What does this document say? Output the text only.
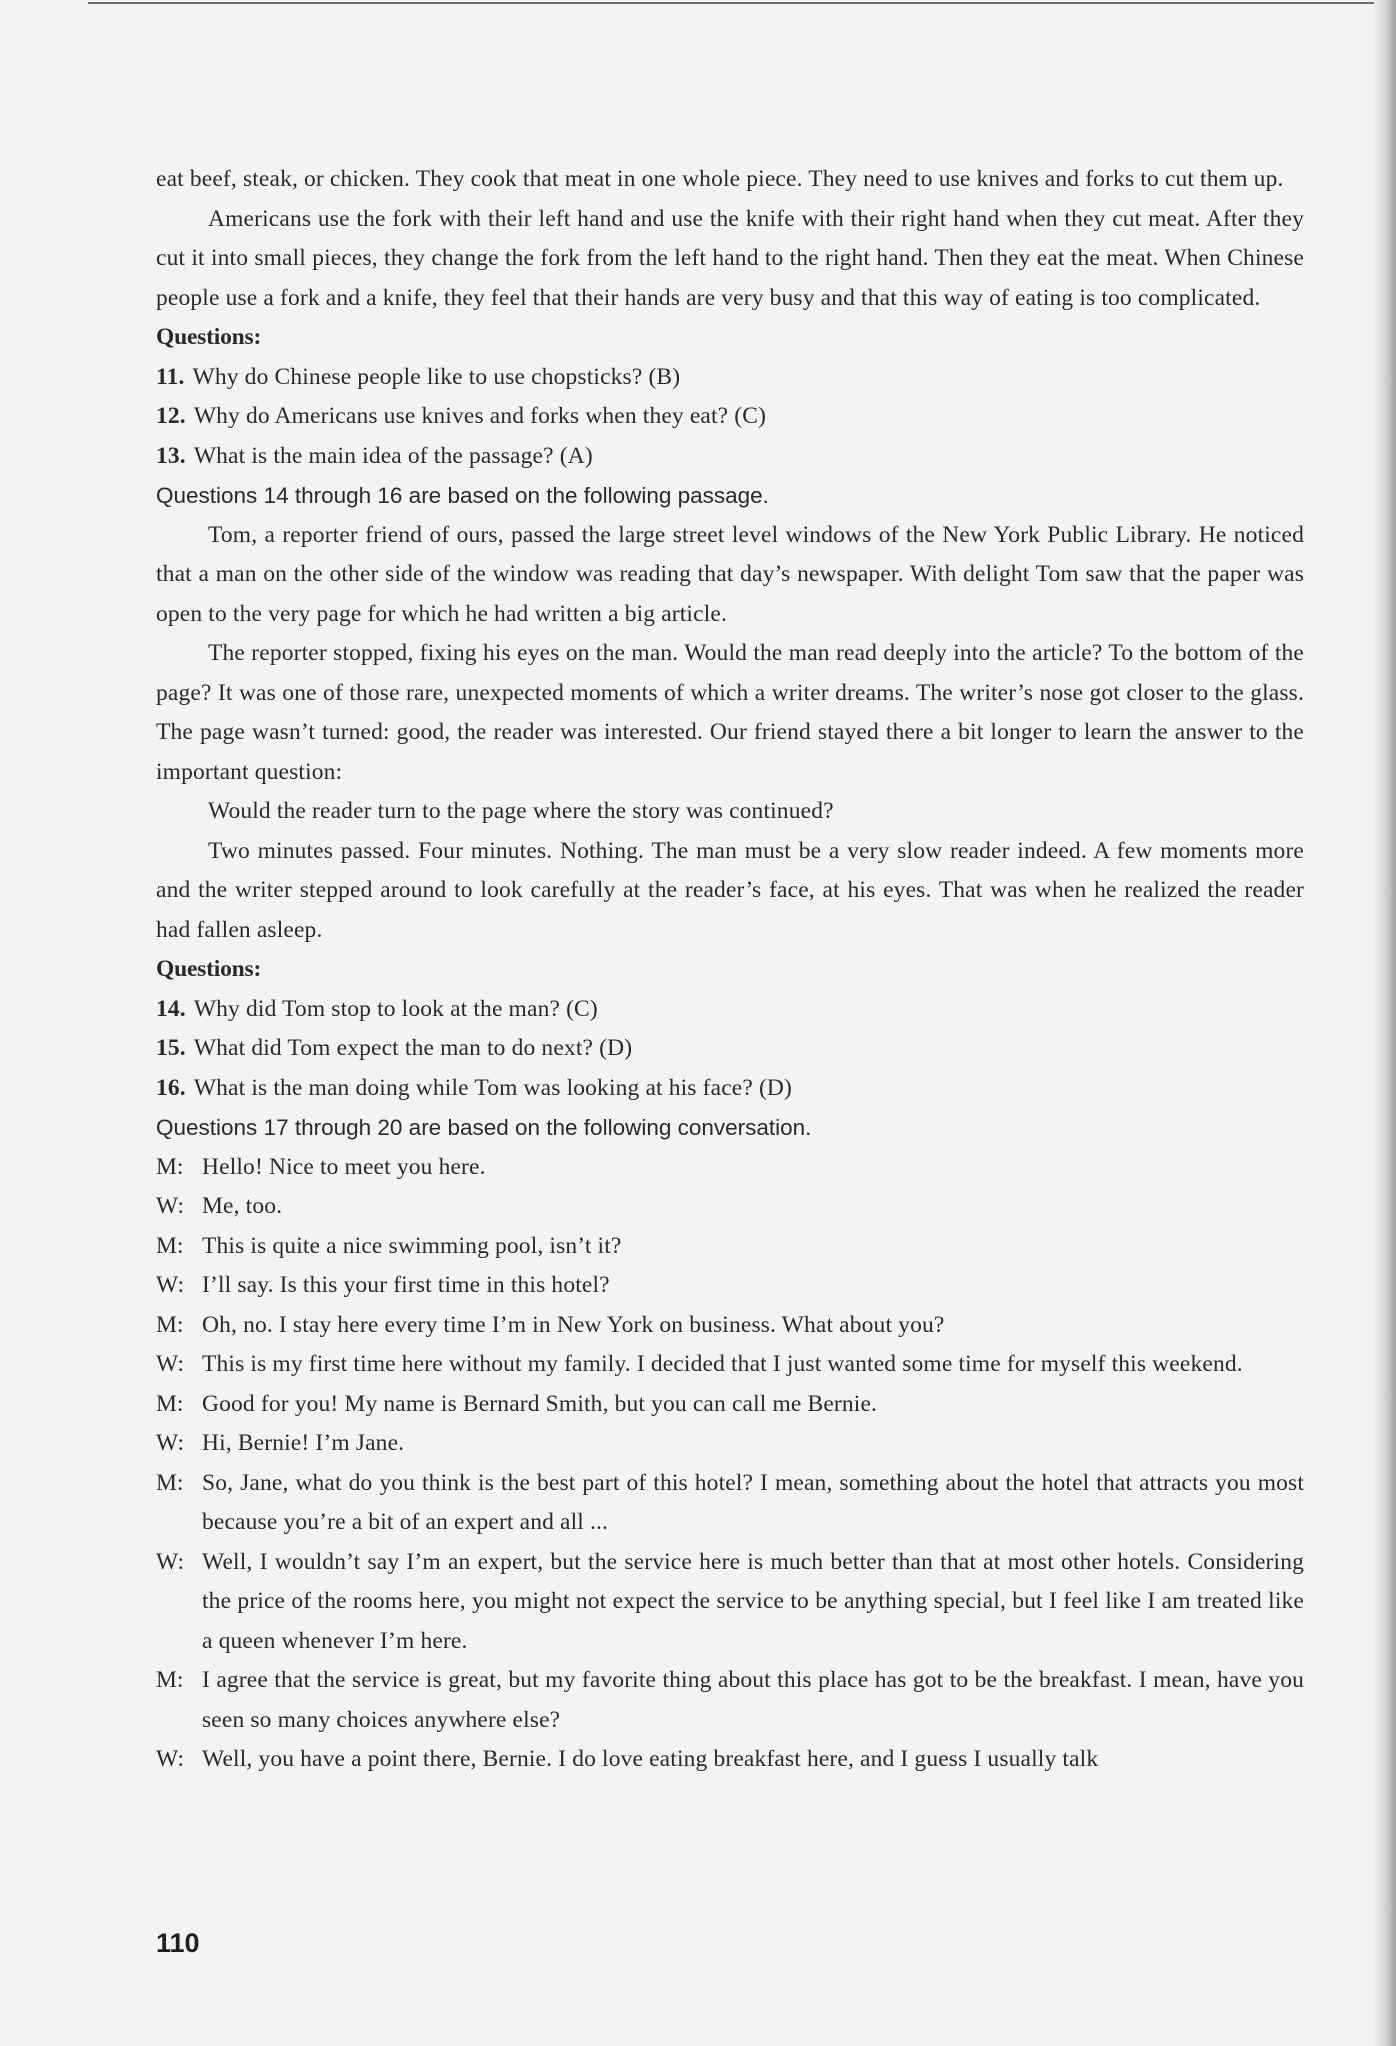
eat beef, steak, or chicken. They cook that meat in one whole piece. They need to use knives and forks to cut them up.

Americans use the fork with their left hand and use the knife with their right hand when they cut meat. After they cut it into small pieces, they change the fork from the left hand to the right hand. Then they eat the meat. When Chinese people use a fork and a knife, they feel that their hands are very busy and that this way of eating is too complicated.

Questions:

11. Why do Chinese people like to use chopsticks? (B)

12. Why do Americans use knives and forks when they eat? (C)

13. What is the main idea of the passage? (A)

Questions 14 through 16 are based on the following passage.

Tom, a reporter friend of ours, passed the large street level windows of the New York Public Library. He noticed that a man on the other side of the window was reading that day’s newspaper. With delight Tom saw that the paper was open to the very page for which he had written a big article.

The reporter stopped, fixing his eyes on the man. Would the man read deeply into the article? To the bottom of the page? It was one of those rare, unexpected moments of which a writer dreams. The writer’s nose got closer to the glass. The page wasn’t turned: good, the reader was interested. Our friend stayed there a bit longer to learn the answer to the important question:

Would the reader turn to the page where the story was continued?

Two minutes passed. Four minutes. Nothing. The man must be a very slow reader indeed. A few moments more and the writer stepped around to look carefully at the reader’s face, at his eyes. That was when he realized the reader had fallen asleep.

Questions:

14. Why did Tom stop to look at the man? (C)

15. What did Tom expect the man to do next? (D)

16. What is the man doing while Tom was looking at his face? (D)

Questions 17 through 20 are based on the following conversation.

M: Hello! Nice to meet you here.
W: Me, too.
M: This is quite a nice swimming pool, isn’t it?
W: I’ll say. Is this your first time in this hotel?
M: Oh, no. I stay here every time I’m in New York on business. What about you?
W: This is my first time here without my family. I decided that I just wanted some time for myself this weekend.
M: Good for you! My name is Bernard Smith, but you can call me Bernie.
W: Hi, Bernie! I’m Jane.
M: So, Jane, what do you think is the best part of this hotel? I mean, something about the hotel that attracts you most because you’re a bit of an expert and all ...
W: Well, I wouldn’t say I’m an expert, but the service here is much better than that at most other hotels. Considering the price of the rooms here, you might not expect the service to be anything special, but I feel like I am treated like a queen whenever I’m here.
M: I agree that the service is great, but my favorite thing about this place has got to be the breakfast. I mean, have you seen so many choices anywhere else?
W: Well, you have a point there, Bernie. I do love eating breakfast here, and I guess I usually talk
110
